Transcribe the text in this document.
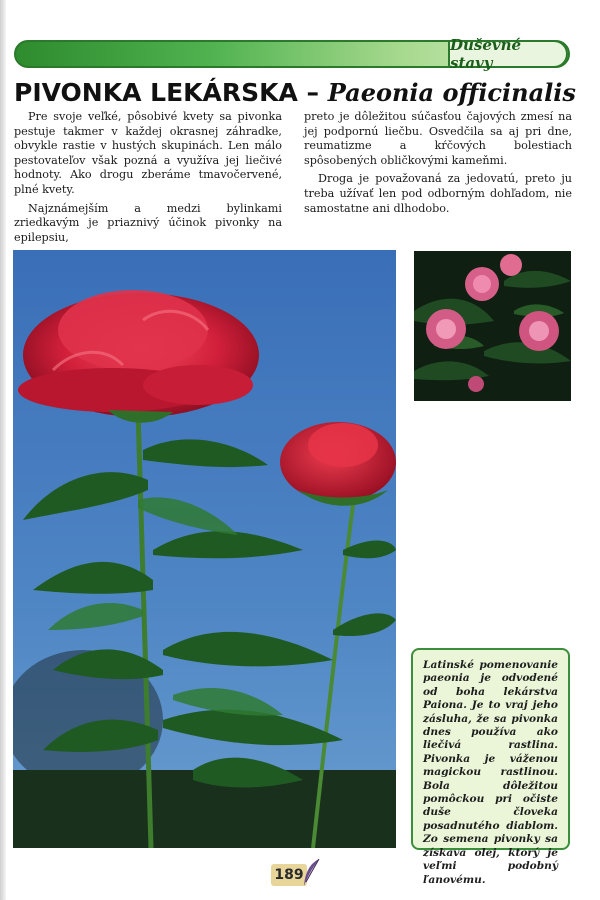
Duševné stavy
PIVONKA LEKÁRSKA – Paeonia officinalis

Pre svoje veľké, pôsobivé kvety sa pivonka pestuje takmer v každej okrasnej záhradke, obvykle rastie v hustých skupinách. Len málo pestovateľov však pozná a využíva jej liečivé hodnoty. Ako drogu zberáme tmavočervené, plné kvety.

Najznámejším a medzi bylinkami zriedkavým je priaznivý účinok pivonky na epilepsiu,

preto je dôležitou súčasťou čajových zmesí na jej podpornú liečbu. Osvedčila sa aj pri dne, reumatizme a kŕčových bolestiach spôsobených obličkovými kameňmi.

Droga je považovaná za jedovatú, preto ju treba užívať len pod odborným dohľadom, nie samostatne ani dlhodobo.

Latinské pomenovanie paeonia je odvodené od boha lekárstva Paiona. Je to vraj jeho zásluha, že sa pivonka dnes používa ako liečivá rastlina. Pivonka je váženou magickou rastlinou. Bola dôležitou pomôckou pri očiste duše človeka posadnutého diablom. Zo semena pivonky sa získava olej, ktorý je veľmi podobný ľanovému.
189
